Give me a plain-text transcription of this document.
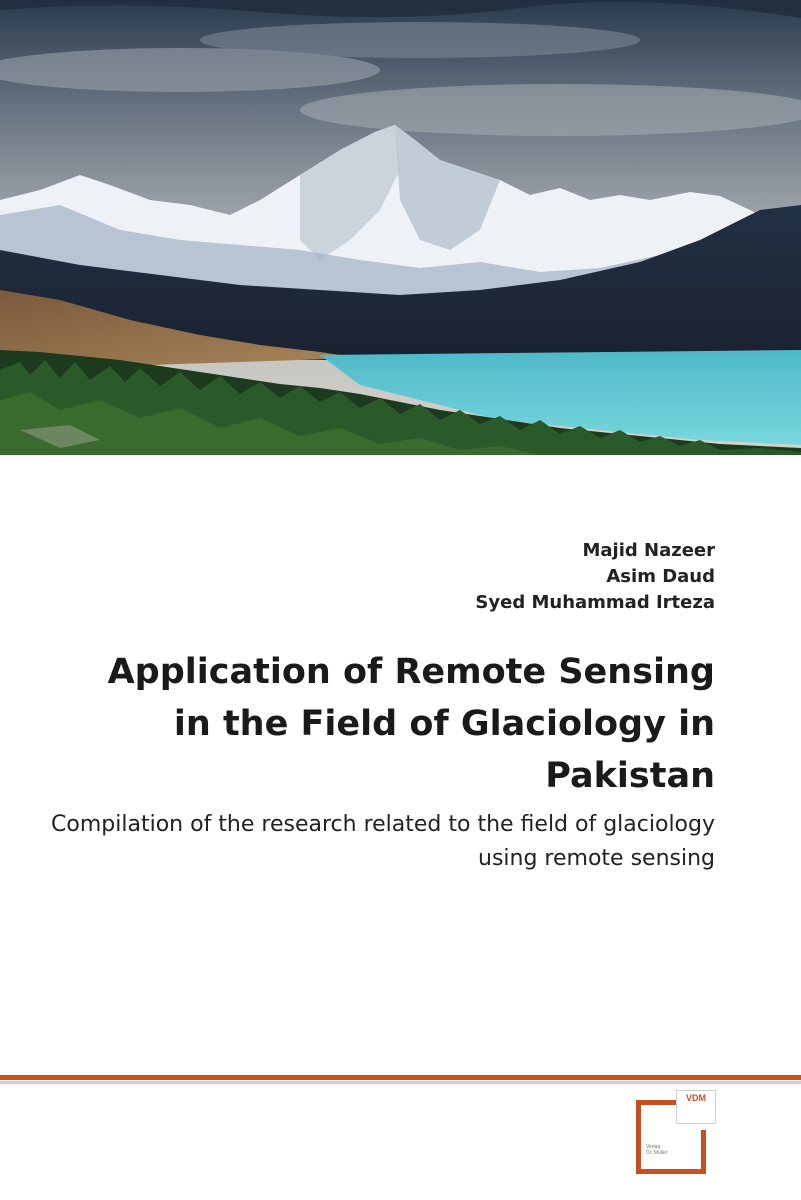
Majid Nazeer
Asim Daud
Syed Muhammad Irteza
Application of Remote Sensing in the Field of Glaciology in Pakistan

Compilation of the research related to the field of glaciology using remote sensing

VDM
Verlag
Dr. Müller
